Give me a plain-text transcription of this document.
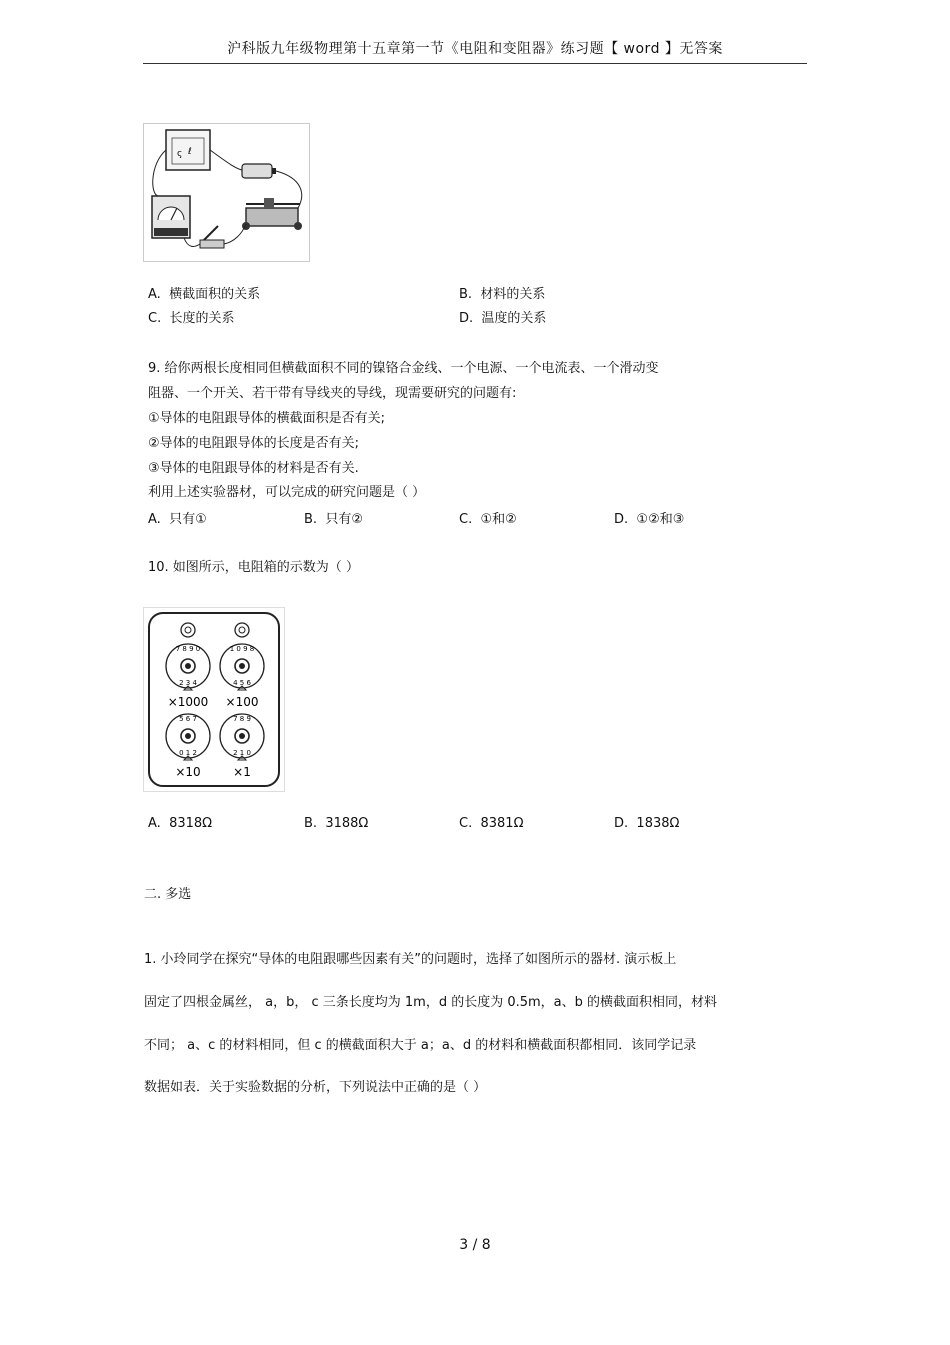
沪科版九年级物理第十五章第一节《电阻和变阻器》练习题【 word 】无答案
ς ℓ
A. 横截面积的关系	B. 材料的关系
C. 长度的关系	D. 温度的关系
9. 给你两根长度相同但横截面积不同的镍铬合金线、一个电源、一个电流表、一个滑动变
阻器、一个开关、若干带有导线夹的导线，现需要研究的问题有:
①导体的电阻跟导体的横截面积是否有关;
②导体的电阻跟导体的长度是否有关;
③导体的电阻跟导体的材料是否有关.
利用上述实验器材，可以完成的研究问题是（ ）
A. 只有①	B. 只有②	C. ①和②	D. ①②和③
10. 如图所示，电阻箱的示数为（ ）
7 8 9 0
2 3 4
1 0 9 8
4 5 6
5 6 7
0 1 2
7 8 9
2 1 0
×1000 ×100
×10	×1
A. 8318Ω	B. 3188Ω	C. 8381Ω	D. 1838Ω
二. 多选
1. 小玲同学在探究“导体的电阻跟哪些因素有关”的问题时，选择了如图所示的器材. 演示板上
固定了四根金属丝， a，b， c 三条长度均为 1m，d 的长度为 0.5m，a、b 的横截面积相同，材料
不同； a、c 的材料相同，但 c 的横截面积大于 a；a、d 的材料和横截面积都相同．该同学记录
数据如表．关于实验数据的分析，下列说法中正确的是（ ）
3 / 8
